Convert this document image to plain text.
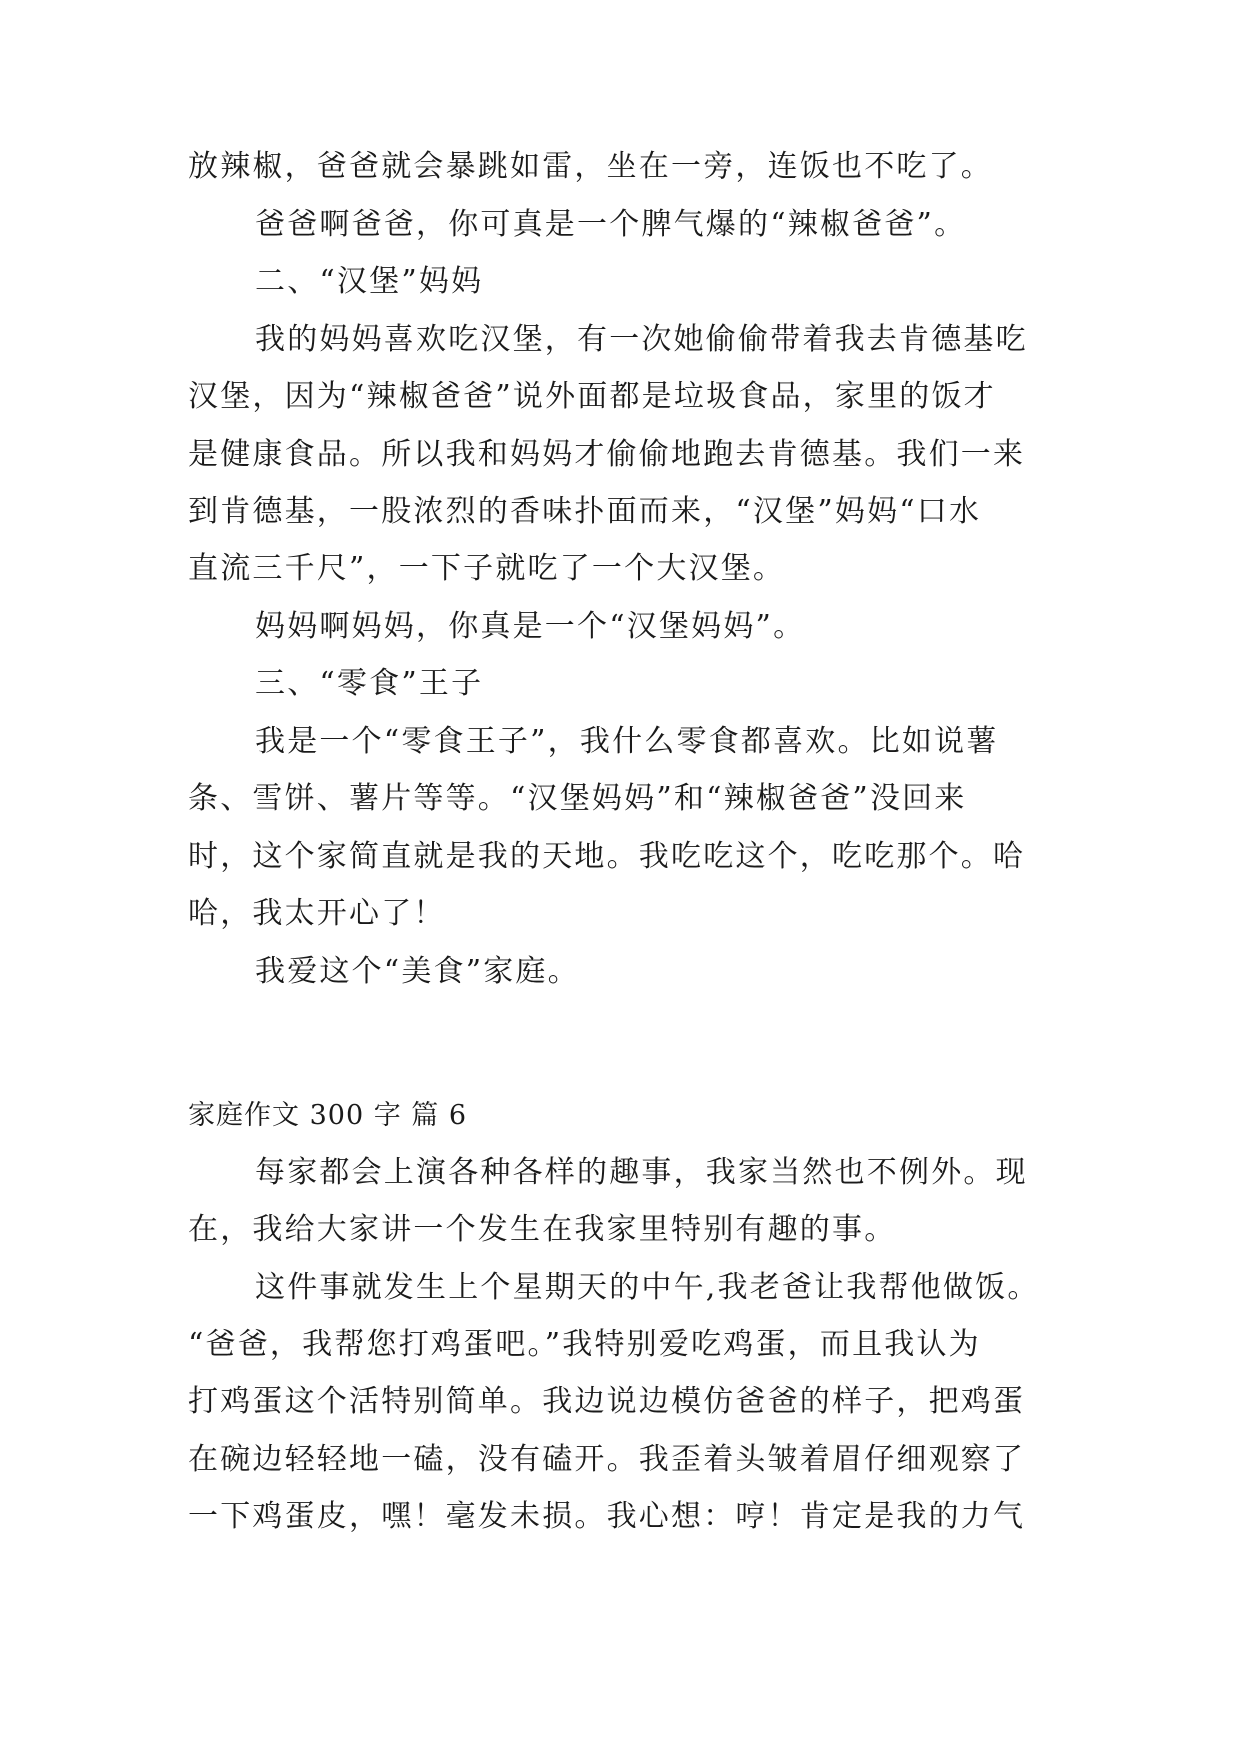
放辣椒，爸爸就会暴跳如雷，坐在一旁，连饭也不吃了。
爸爸啊爸爸，你可真是一个脾气爆的“辣椒爸爸”。
二、“汉堡”妈妈
我的妈妈喜欢吃汉堡，有一次她偷偷带着我去肯德基吃
汉堡，因为“辣椒爸爸”说外面都是垃圾食品，家里的饭才
是健康食品。所以我和妈妈才偷偷地跑去肯德基。我们一来
到肯德基，一股浓烈的香味扑面而来，“汉堡”妈妈“口水
直流三千尺”，一下子就吃了一个大汉堡。
妈妈啊妈妈，你真是一个“汉堡妈妈”。
三、“零食”王子
我是一个“零食王子”，我什么零食都喜欢。比如说薯
条、雪饼、薯片等等。“汉堡妈妈”和“辣椒爸爸”没回来
时，这个家简直就是我的天地。我吃吃这个，吃吃那个。哈
哈，我太开心了！
我爱这个“美食”家庭。
家庭作文 300 字 篇 6
每家都会上演各种各样的趣事，我家当然也不例外。现
在，我给大家讲一个发生在我家里特别有趣的事。
这件事就发生上个星期天的中午,我老爸让我帮他做饭。
“爸爸，我帮您打鸡蛋吧。”我特别爱吃鸡蛋，而且我认为
打鸡蛋这个活特别简单。我边说边模仿爸爸的样子，把鸡蛋
在碗边轻轻地一磕，没有磕开。我歪着头皱着眉仔细观察了
一下鸡蛋皮，嘿！毫发未损。我心想：哼！肯定是我的力气
